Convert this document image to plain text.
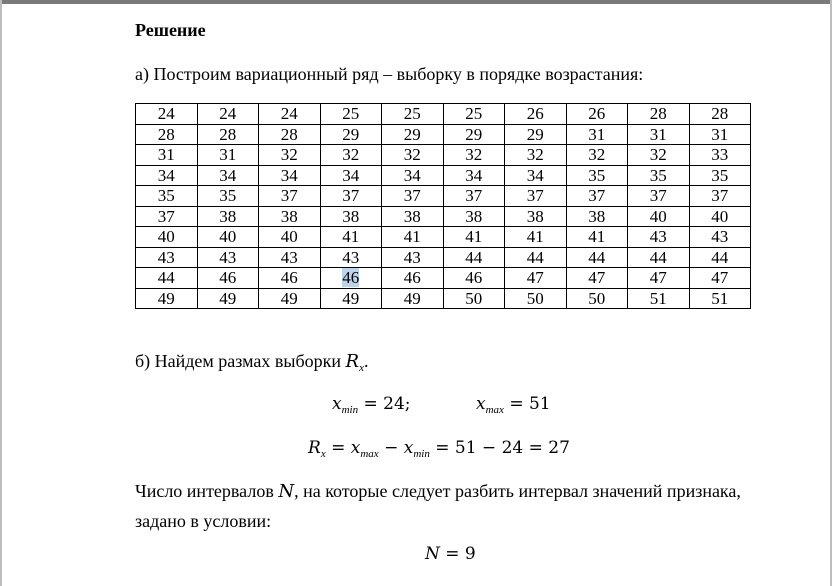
Решение
а) Построим вариационный ряд – выборку в порядке возрастания:
24	24	24	25	25	25	26	26	28	28
28	28	28	29	29	29	29	31	31	31
31	31	32	32	32	32	32	32	32	33
34	34	34	34	34	34	34	35	35	35
35	35	37	37	37	37	37	37	37	37
37	38	38	38	38	38	38	38	40	40
40	40	40	41	41	41	41	41	43	43
43	43	43	43	43	44	44	44	44	44
44	46	46	46	46	46	47	47	47	47
49	49	49	49	49	50	50	50	51	51
б) Найдем размах выборки $R_x$.
$x_{min} = 24$;	$x_{max} = 51$
$R_x = x_{max} - x_{min} = 51 - 24 = 27$
Число интервалов N, на которые следует разбить интервал значений признака,
задано в условии:
N = 9
